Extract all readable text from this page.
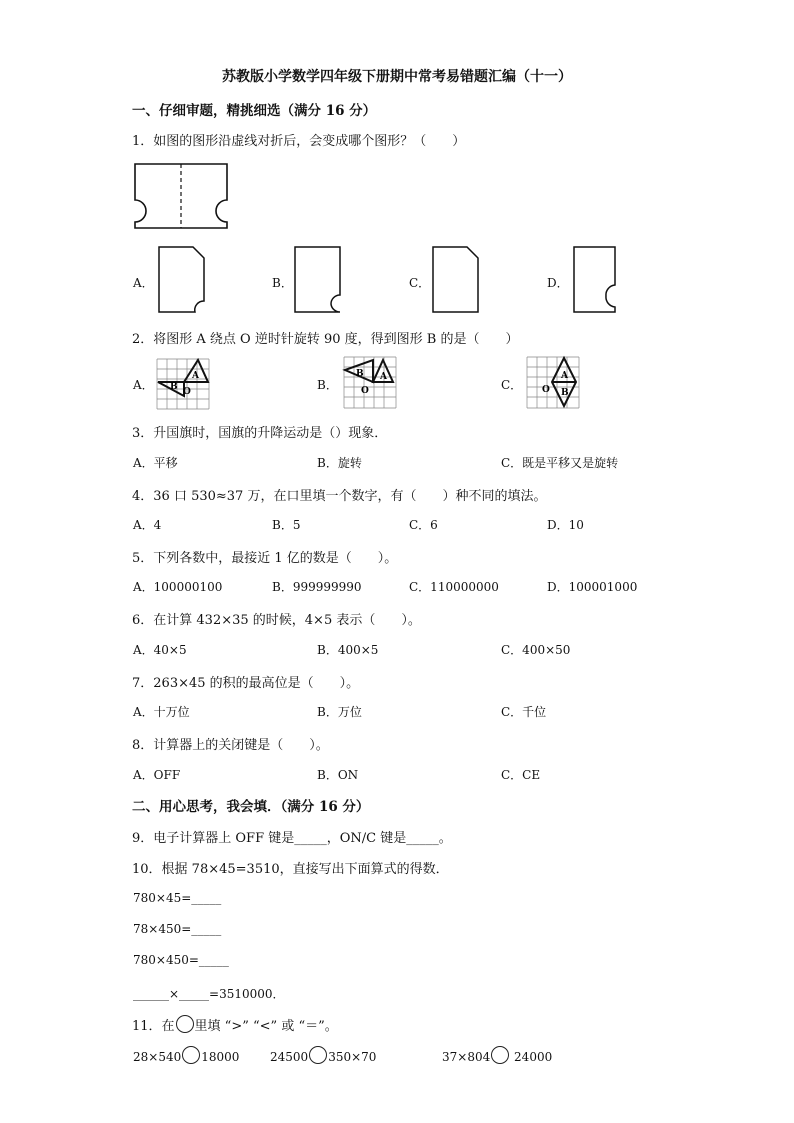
苏教版小学数学四年级下册期中常考易错题汇编（十一）
一、仔细审题，精挑细选（满分 16 分）
1．如图的图形沿虚线对折后，会变成哪个图形？（　　）
A．	B．	C．	D．
2．将图形 A 绕点 O 逆时针旋转 90 度，得到图形 B 的是（　　）
A．
A
B O	B．
A
B
O	C．
A
B
O
3．升国旗时，国旗的升降运动是（）现象．
A．平移	B．旋转	C．既是平移又是旋转
4．36 口 530≈37 万，在口里填一个数字，有（　　）种不同的填法。
A．4	B．5	C．6	D．10
5．下列各数中，最接近 1 亿的数是（　　）。
A．100000100	B．999999990	C．110000000	D．100001000
6．在计算 432×35 的时候，4×5 表示（　　）。
A．40×5	B．400×5	C．400×50
7．263×45 的积的最高位是（　　）。
A．十万位	B．万位	C．千位
8．计算器上的关闭键是（　　）。
A．OFF	B．ON	C．CE
二、用心思考，我会填．（满分 16 分）
9．电子计算器上 OFF 键是_____，ON/C 键是_____。
10．根据 78×45=3510，直接写出下面算式的得数．
780×45=_____
78×450=_____
780×450=_____
______×_____=3510000．
11．在 里填 “>” “<” 或 “＝”。
28×540 18000	24500 350×70	37×804 24000
